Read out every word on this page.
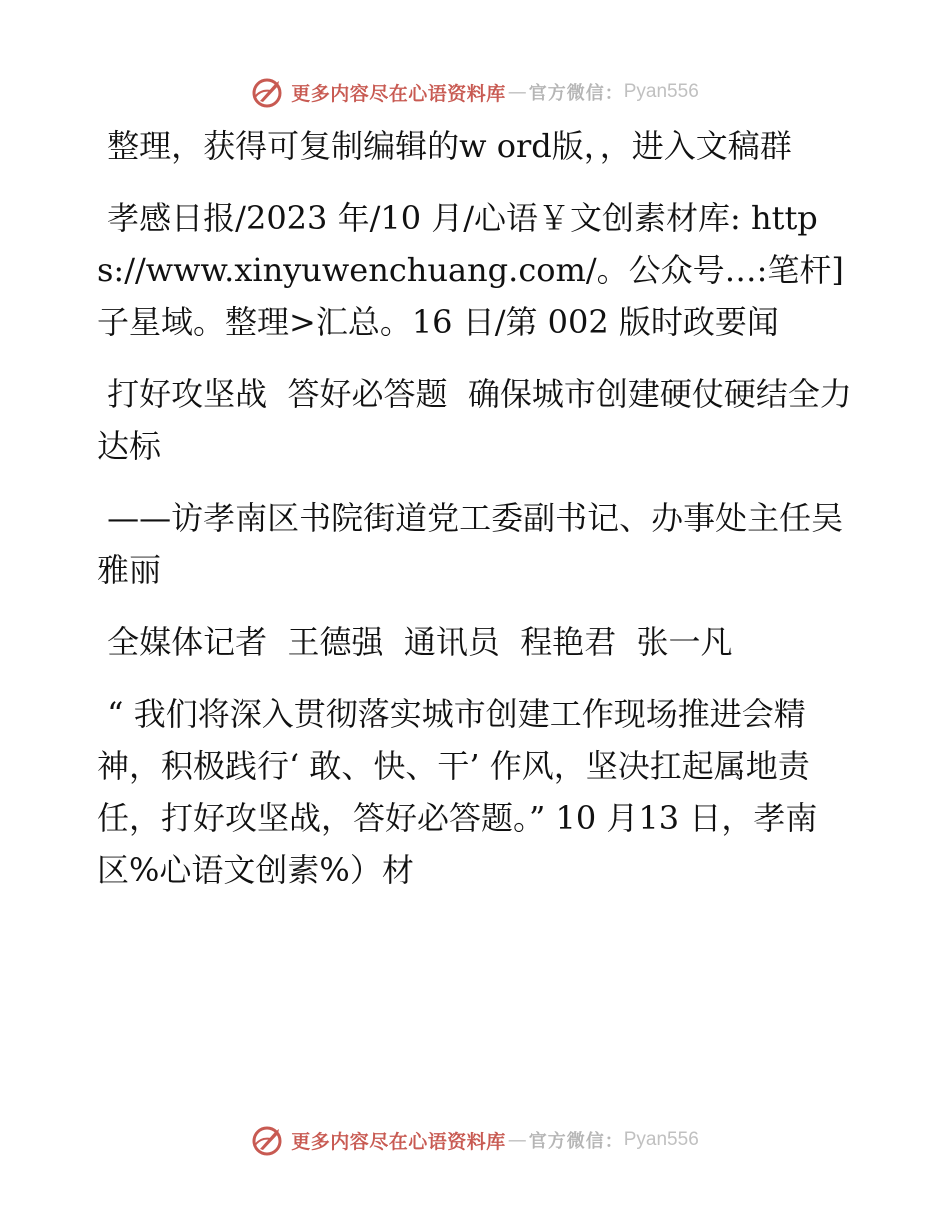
更多内容尽在心语资料库 — 官方微信： Pyan556

整理，获得可复制编辑的w ord版，，进入文稿群

孝感日报/2023 年/10 月/心语￥文创素材库: https://www.xinyuwenchuang.com/。公众号…:笔杆]子星域。整理>汇总。16 日/第 002 版时政要闻

打好攻坚战  答好必答题  确保城市创建硬仗硬结全力达标

——访孝南区书院街道党工委副书记、办事处主任吴雅丽

全媒体记者  王德强  通讯员  程艳君  张一凡

“ 我们将深入贯彻落实城市创建工作现场推进会精神，积极践行‘ 敢、快、干’ 作风，坚决扛起属地责任，打好攻坚战，答好必答题。” 10 月13 日，孝南区%心语文创素%）材

更多内容尽在心语资料库 — 官方微信： Pyan556
